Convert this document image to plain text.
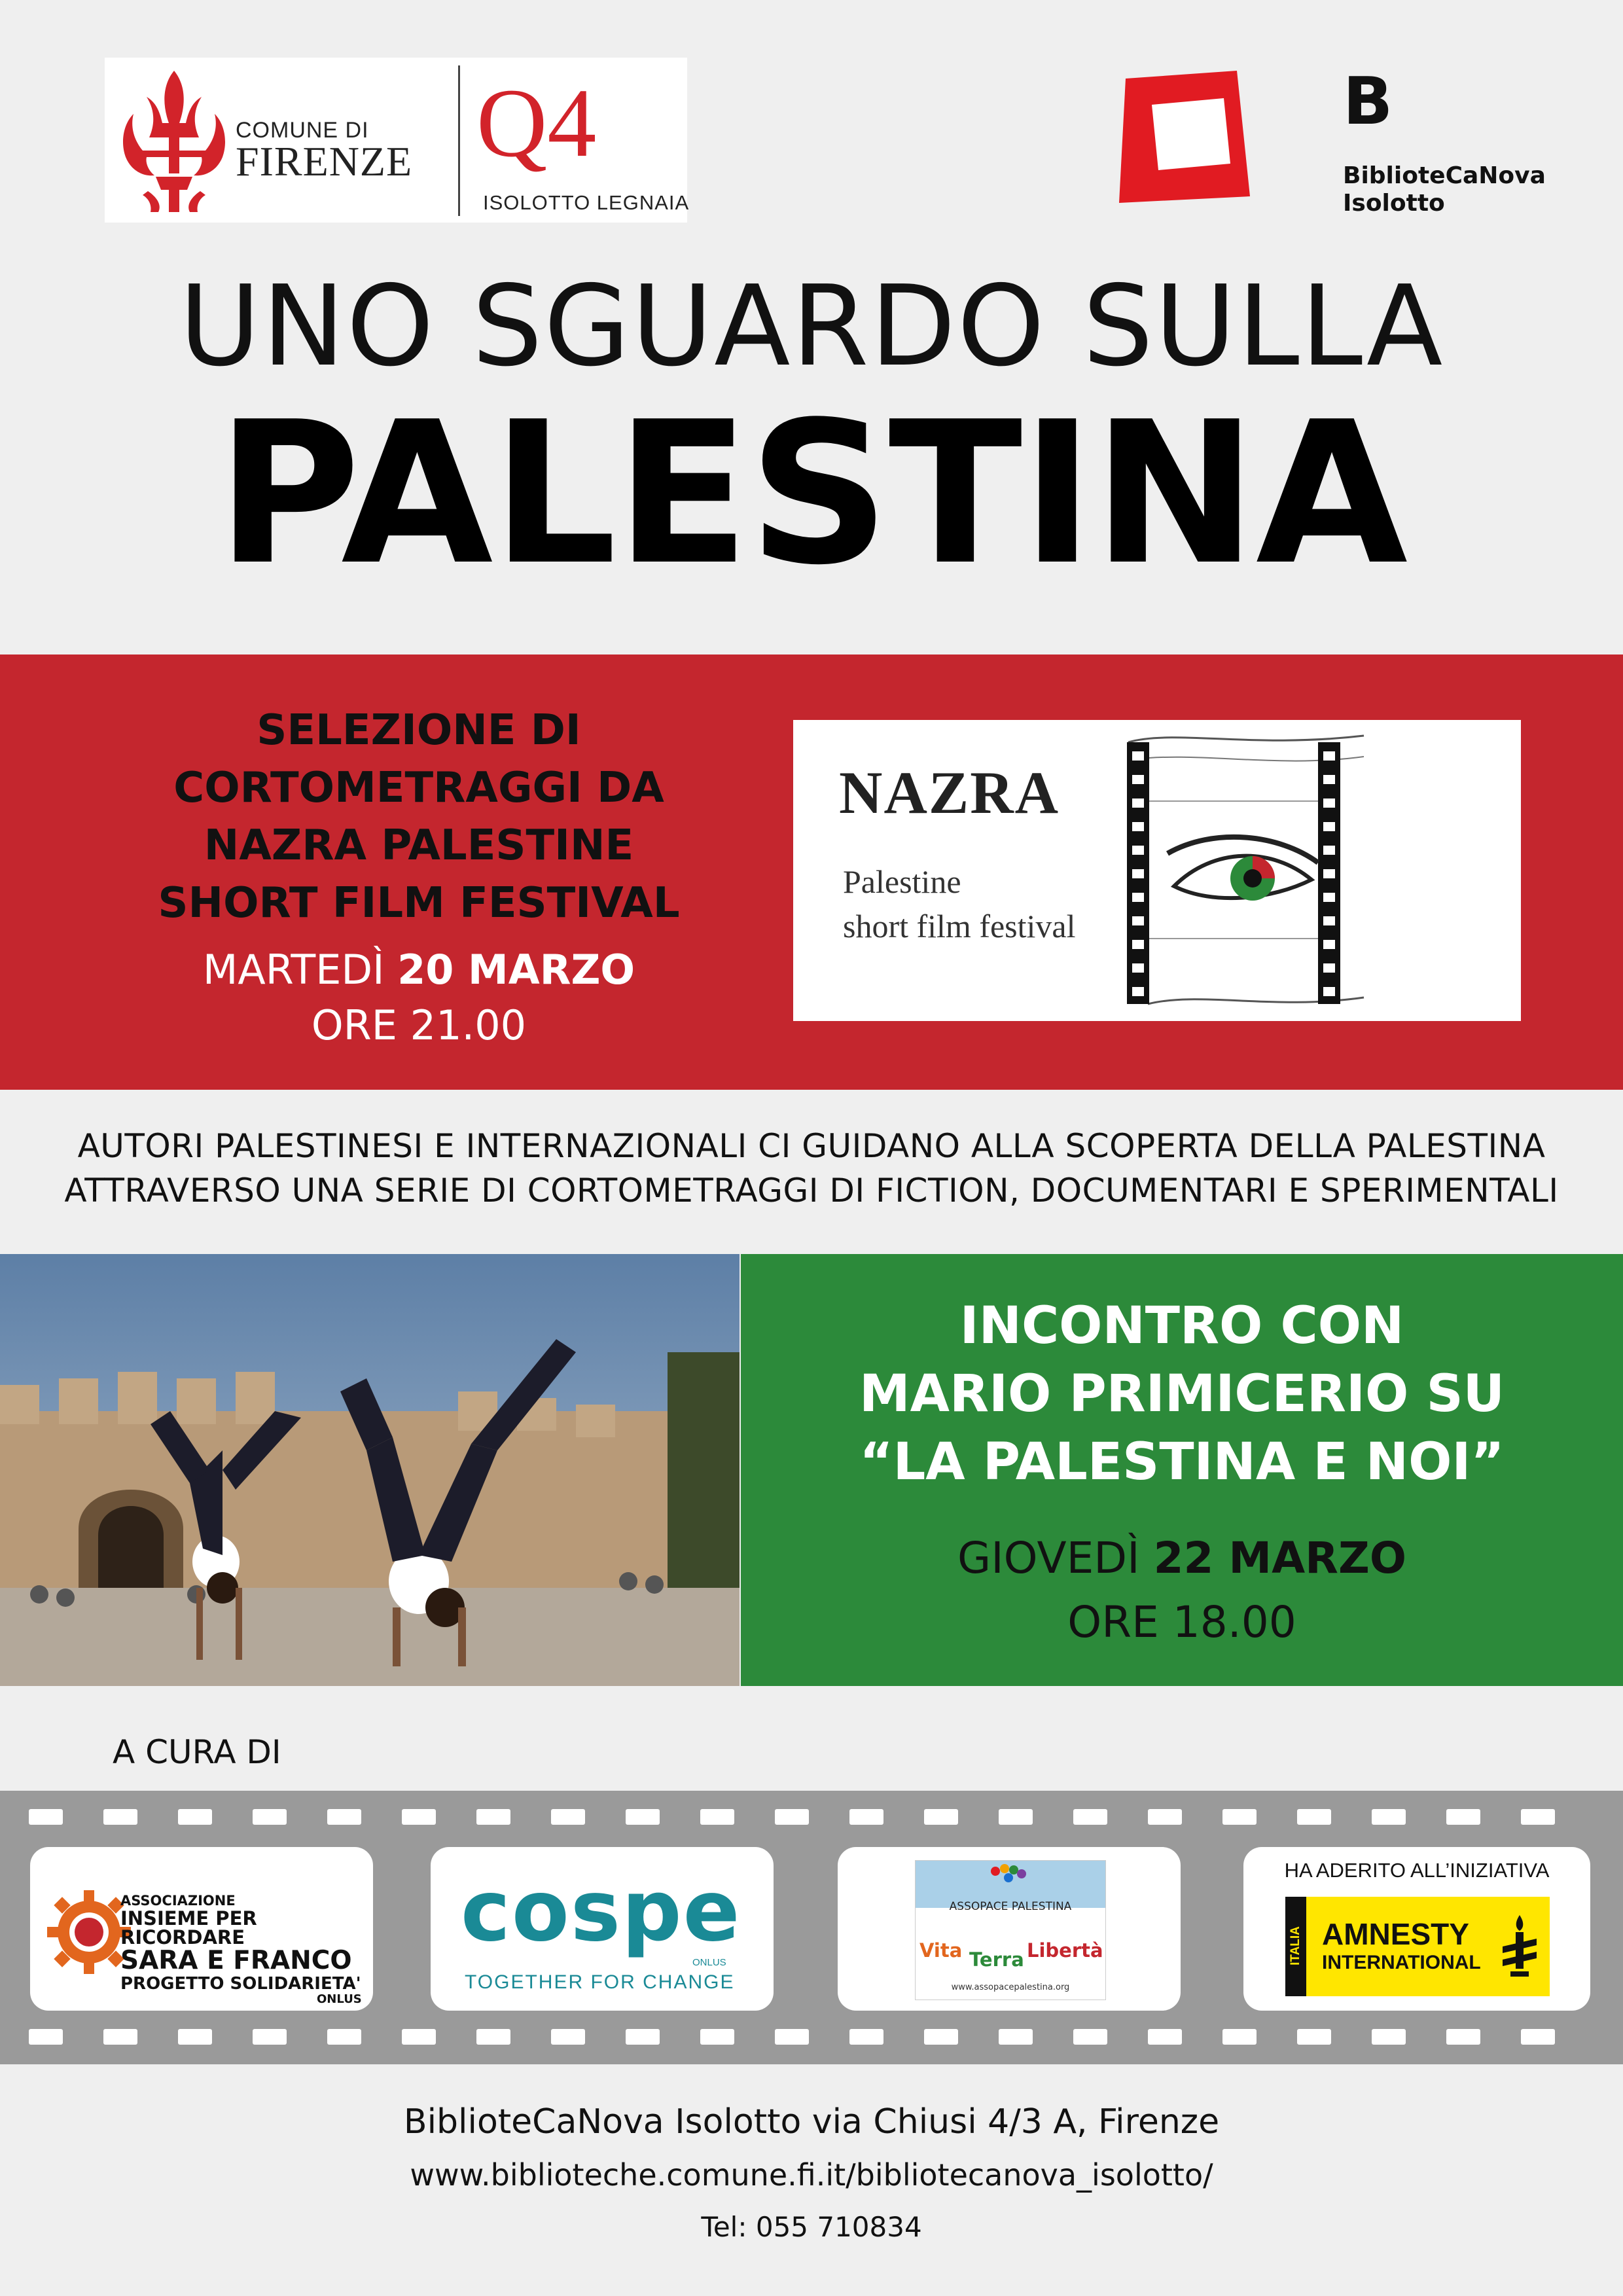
COMUNE DI
FIRENZE Q4
ISOLOTTO LEGNAIA
B
BiblioteCaNova
Isolotto
UNO SGUARDO SULLA
PALESTINA
SELEZIONE DI
CORTOMETRAGGI DA
NAZRA PALESTINE
SHORT FILM FESTIVAL
MARTEDÌ 20 MARZO
ORE 21.00
NAZRA
Palestine
short film festival
AUTORI PALESTINESI E INTERNAZIONALI CI GUIDANO ALLA SCOPERTA DELLA PALESTINA
ATTRAVERSO UNA SERIE DI CORTOMETRAGGI DI FICTION, DOCUMENTARI E SPERIMENTALI
INCONTRO CON
MARIO PRIMICERIO SU
“LA PALESTINA E NOI”
GIOVEDÌ 22 MARZO
ORE 18.00
A CURA DI
ASSOCIAZIONE
INSIEME PER RICORDARE
SARA E FRANCO
PROGETTO SOLIDARIETA'
ONLUS
cospe
ONLUS
TOGETHER FOR CHANGE
ASSOPACE PALESTINA
Vita Terra Libertà
www.assopacepalestina.org
HA ADERITO ALL’INIZIATIVA
ITALIA AMNESTY
INTERNATIONAL
BiblioteCaNova Isolotto via Chiusi 4/3 A, Firenze
www.biblioteche.comune.fi.it/bibliotecanova_isolotto/
Tel: 055 710834
